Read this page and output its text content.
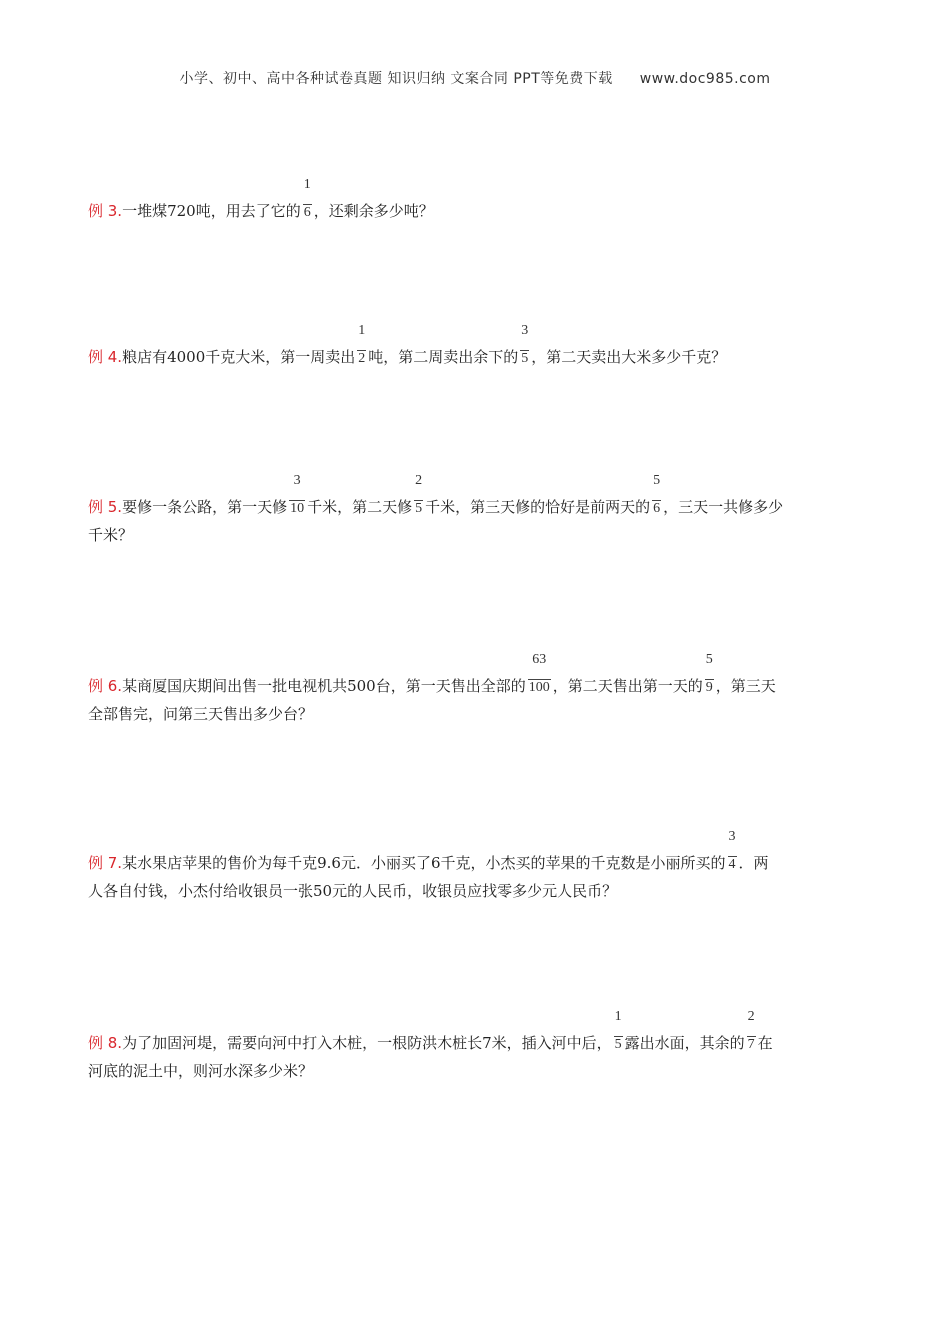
小学、初中、高中各种试卷真题 知识归纳 文案合同 PPT等免费下载 www.doc985.com
例 3.一堆煤720吨，用去了它的 $\frac{1}{6}$ ，还剩余多少吨？
例 4.粮店有4000千克大米，第一周卖出 $\frac{1}{2}$ 吨，第二周卖出余下的 $\frac{3}{5}$ ，第二天卖出大米多少千克？
例 5.要修一条公路，第一天修 $\frac{3}{10}$ 千米，第二天修 $\frac{2}{5}$ 千米，第三天修的恰好是前两天的 $\frac{5}{6}$ ，三天一共修多少
千米？
例 6.某商厦国庆期间出售一批电视机共500台，第一天售出全部的 $\frac{63}{100}$ ，第二天售出第一天的 $\frac{5}{9}$ ，第三天
全部售完，问第三天售出多少台？
例 7.某水果店苹果的售价为每千克9.6元．小丽买了6千克，小杰买的苹果的千克数是小丽所买的 $\frac{3}{4}$ ．两
人各自付钱，小杰付给收银员一张50元的人民币，收银员应找零多少元人民币？
例 8.为了加固河堤，需要向河中打入木桩，一根防洪木桩长7米，插入河中后， $\frac{1}{5}$ 露出水面，其余的 $\frac{2}{7}$ 在
河底的泥土中，则河水深多少米？
